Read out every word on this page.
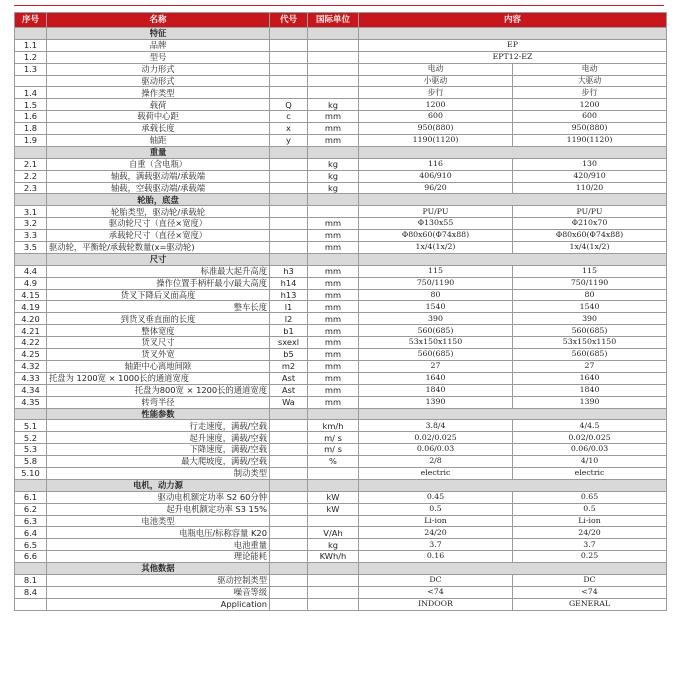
序号	名称	代号	国际单位	内容	
	特征				
1.1	品牌			EP	
1.2	型号			EPT12-EZ	
1.3	动力形式			电动	电动
	驱动形式			小驱动	大驱动
1.4	操作类型			步行	步行
1.5	载荷	Q	kg	1200	1200
1.6	载荷中心距	c	mm	600	600
1.8	承载长度	x	mm	950(880)	950(880)
1.9	轴距	y	mm	1190(1120)	1190(1120)
	重量				
2.1	自重（含电瓶）		kg	116	130
2.2	轴载，满载驱动端/承载端		kg	406/910	420/910
2.3	轴载，空载驱动端/承载端		kg	96/20	110/20
	轮胎，底盘				
3.1	轮胎类型，驱动轮/承载轮			PU/PU	PU/PU
3.2	驱动轮尺寸（直径×宽度）		mm	Φ130x55	Φ210x70
3.3	承载轮尺寸（直径×宽度）		mm	Φ80x60(Φ74x88)	Φ80x60(Φ74x88)
3.5	驱动轮，平衡轮/承载轮数量(x=驱动轮)		mm	1x/4(1x/2)	1x/4(1x/2)
	尺寸				
4.4	标准最大起升高度	h3	mm	115	115
4.9	操作位置手柄杆最小/最大高度	h14	mm	750/1190	750/1190
4.15	货叉下降后叉面高度	h13	mm	80	80
4.19	整车长度	l1	mm	1540	1540
4.20	到货叉垂直面的长度	l2	mm	390	390
4.21	整体宽度	b1	mm	560(685)	560(685)
4.22	货叉尺寸	sxexl	mm	53x150x1150	53x150x1150
4.25	货叉外宽	b5	mm	560(685)	560(685)
4.32	轴距中心离地间隙	m2	mm	27	27
4.33	托盘为 1200宽 × 1000长的通道宽度	Ast	mm	1640	1640
4.34	托盘为800宽 × 1200长的通道宽度	Ast	mm	1840	1840
4.35	转弯半径	Wa	mm	1390	1390
	性能参数				
5.1	行走速度，满载/空载		km/h	3.8/4	4/4.5
5.2	起升速度，满载/空载		m/ s	0.02/0.025	0.02/0.025
5.3	下降速度，满载/空载		m/ s	0.06/0.03	0.06/0.03
5.8	最大爬坡度，满载/空载		%	2/8	4/10
5.10	制动类型			electric	electric
	电机，动力源				
6.1	驱动电机额定功率 S2 60分钟		kW	0.45	0.65
6.2	起升电机额定功率 S3 15%		kW	0.5	0.5
6.3	电池类型			Li-ion	Li-ion
6.4	电瓶电压/标称容量 K20		V/Ah	24/20	24/20
6.5	电池重量		kg	3.7	3.7
6.6	理论能耗		KWh/h	0.16	0.25
	其他数据				
8.1	驱动控制类型			DC	DC
8.4	噪音等级			<74	<74
	Application			INDOOR	GENERAL
